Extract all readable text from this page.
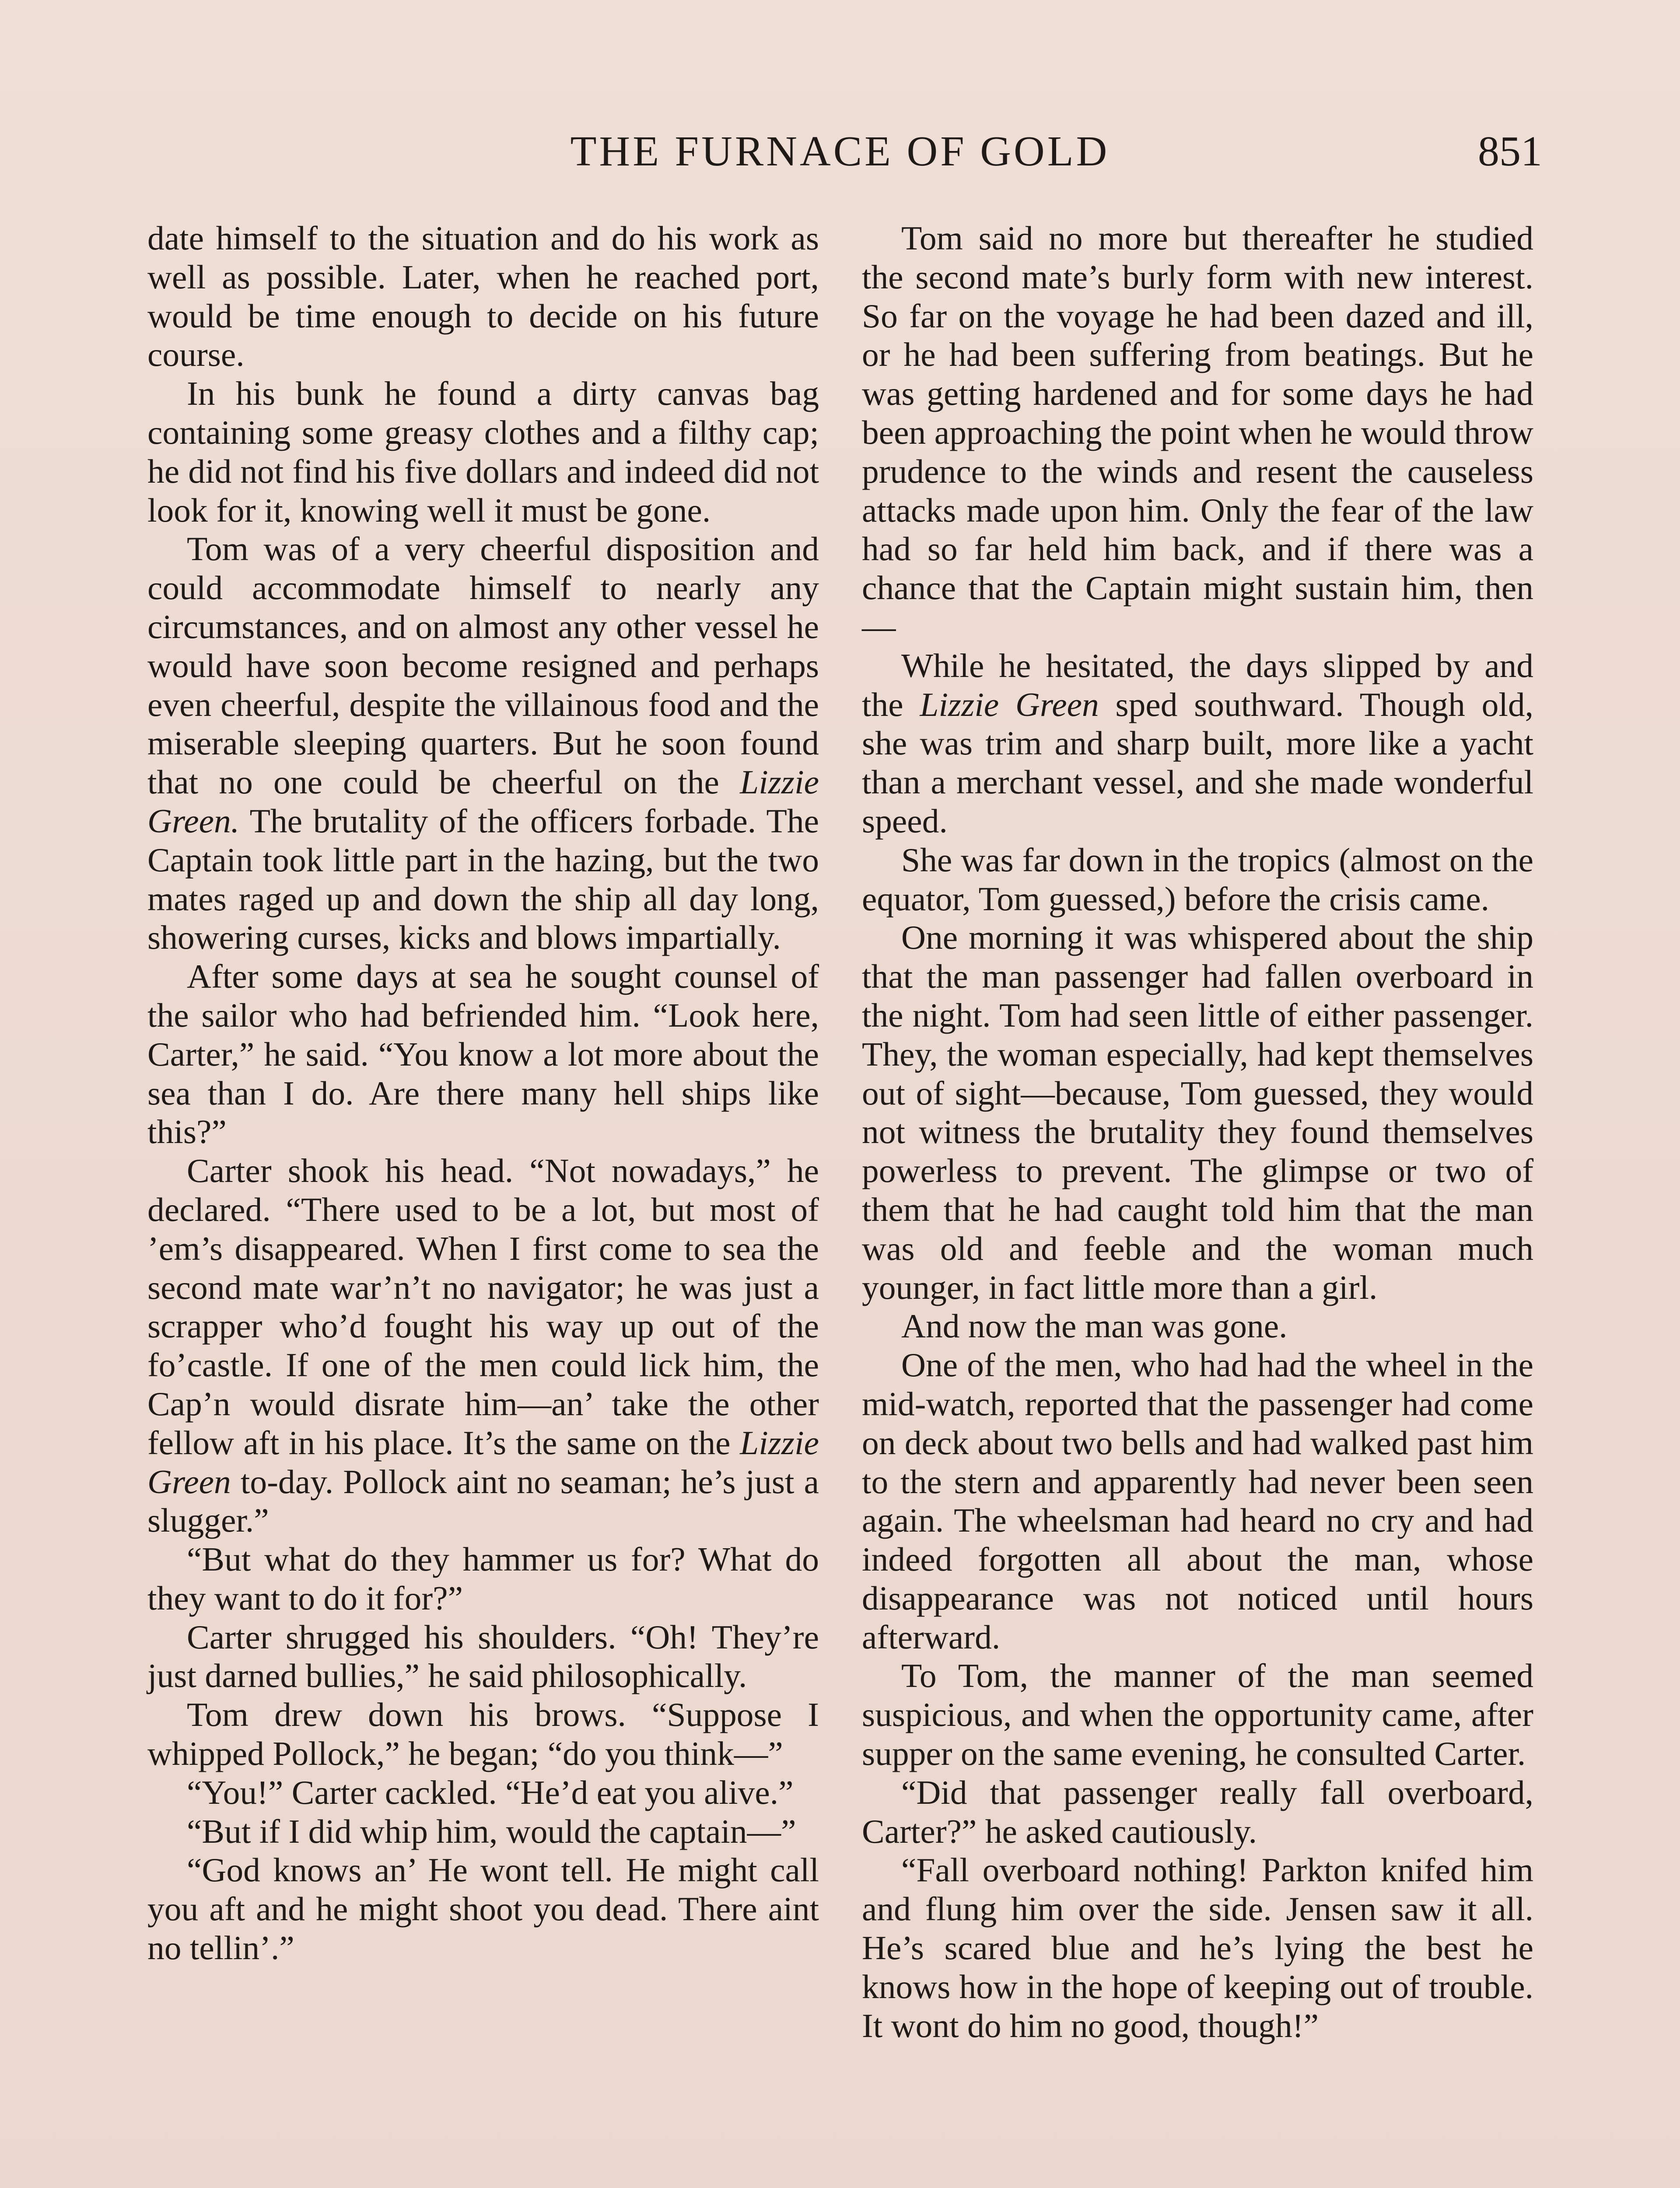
THE FURNACE OF GOLD	851

date himself to the situation and do his work as well as possible. Later, when he reached port, would be time enough to decide on his future course.

In his bunk he found a dirty canvas bag containing some greasy clothes and a filthy cap; he did not find his five dollars and indeed did not look for it, knowing well it must be gone.

Tom was of a very cheerful disposition and could accommodate himself to nearly any circumstances, and on almost any other vessel he would have soon become resigned and perhaps even cheerful, despite the villainous food and the miserable sleeping quarters. But he soon found that no one could be cheerful on the Lizzie Green. The brutality of the officers forbade. The Captain took little part in the hazing, but the two mates raged up and down the ship all day long, showering curses, kicks and blows impartially.

After some days at sea he sought counsel of the sailor who had befriended him. “Look here, Carter,” he said. “You know a lot more about the sea than I do. Are there many hell ships like this?”

Carter shook his head. “Not nowadays,” he declared. “There used to be a lot, but most of ’em’s disappeared. When I first come to sea the second mate war’n’t no navigator; he was just a scrapper who’d fought his way up out of the fo’castle. If one of the men could lick him, the Cap’n would disrate him—an’ take the other fellow aft in his place. It’s the same on the Lizzie Green to-day. Pollock aint no seaman; he’s just a slugger.”

“But what do they hammer us for? What do they want to do it for?”

Carter shrugged his shoulders. “Oh! They’re just darned bullies,” he said philosophically.

Tom drew down his brows. “Suppose I whipped Pollock,” he began; “do you think—”

“You!” Carter cackled. “He’d eat you alive.”

“But if I did whip him, would the captain—”

“God knows an’ He wont tell. He might call you aft and he might shoot you dead. There aint no tellin’.”

Tom said no more but thereafter he studied the second mate’s burly form with new interest. So far on the voyage he had been dazed and ill, or he had been suffering from beatings. But he was getting hardened and for some days he had been approaching the point when he would throw prudence to the winds and resent the causeless attacks made upon him. Only the fear of the law had so far held him back, and if there was a chance that the Captain might sustain him, then—

While he hesitated, the days slipped by and the Lizzie Green sped southward. Though old, she was trim and sharp built, more like a yacht than a merchant vessel, and she made wonderful speed.

She was far down in the tropics (almost on the equator, Tom guessed,) before the crisis came.

One morning it was whispered about the ship that the man passenger had fallen overboard in the night. Tom had seen little of either passenger. They, the woman especially, had kept themselves out of sight—because, Tom guessed, they would not witness the brutality they found themselves powerless to prevent. The glimpse or two of them that he had caught told him that the man was old and feeble and the woman much younger, in fact little more than a girl.

And now the man was gone.

One of the men, who had had the wheel in the mid-watch, reported that the passenger had come on deck about two bells and had walked past him to the stern and apparently had never been seen again. The wheelsman had heard no cry and had indeed forgotten all about the man, whose disappearance was not noticed until hours afterward.

To Tom, the manner of the man seemed suspicious, and when the opportunity came, after supper on the same evening, he consulted Carter.

“Did that passenger really fall overboard, Carter?” he asked cautiously.

“Fall overboard nothing! Parkton knifed him and flung him over the side. Jensen saw it all. He’s scared blue and he’s lying the best he knows how in the hope of keeping out of trouble. It wont do him no good, though!”
